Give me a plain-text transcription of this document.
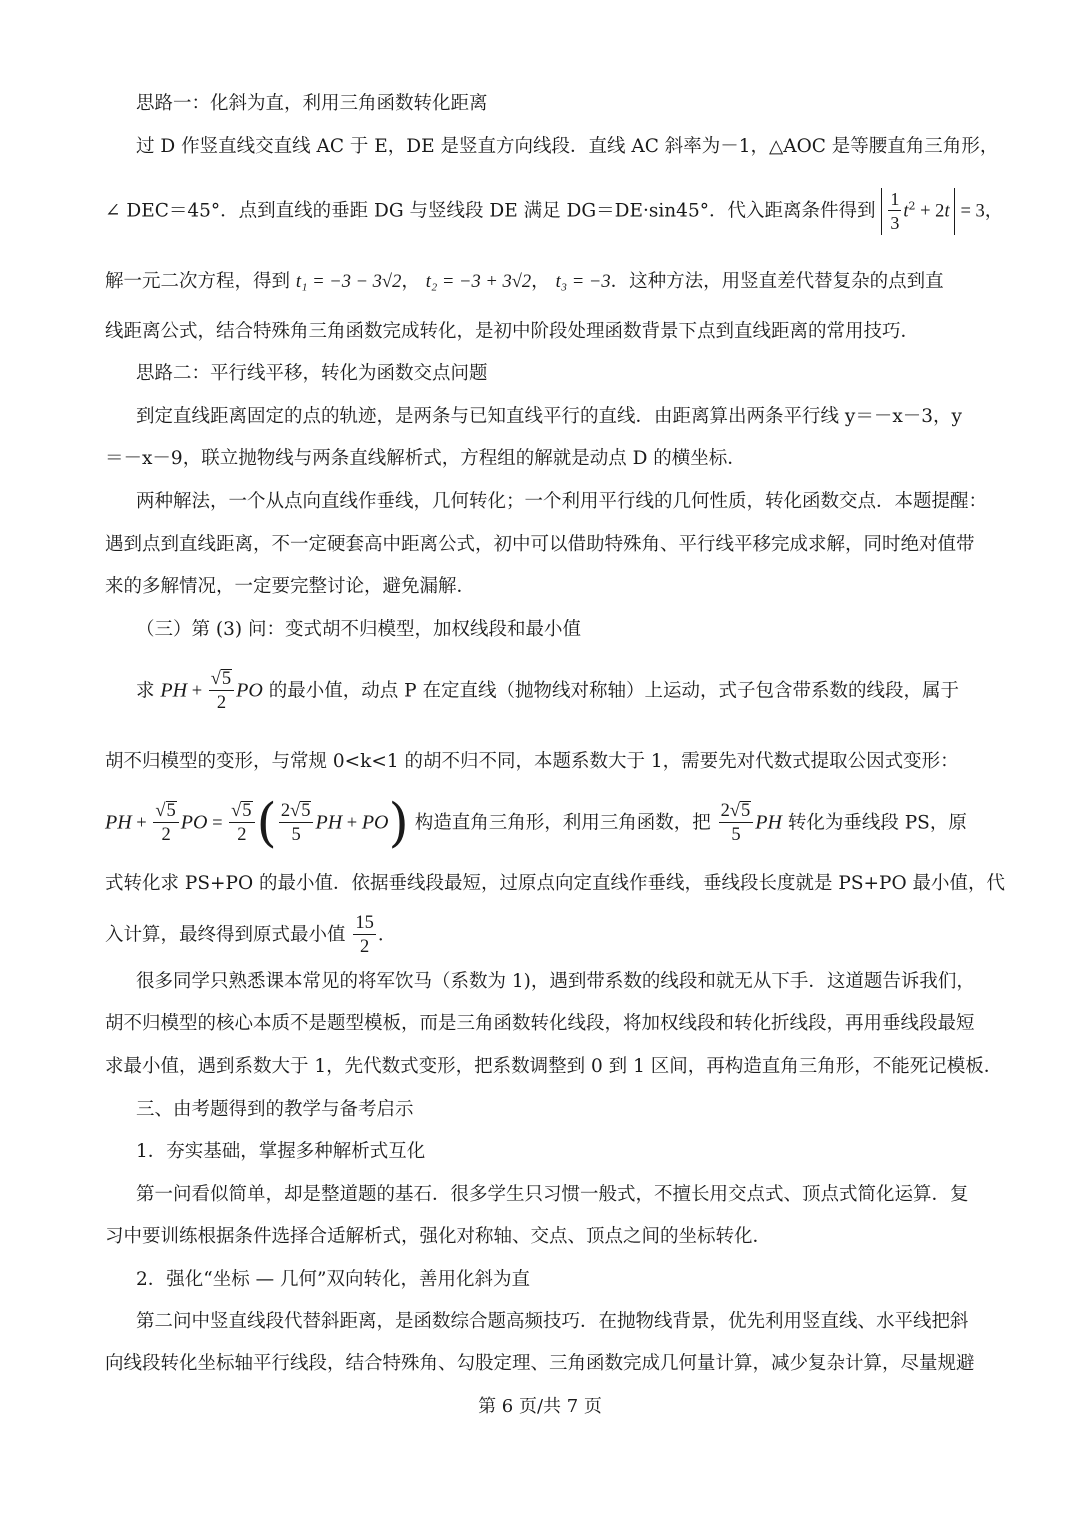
思路一：化斜为直，利用三角函数转化距离
过 D 作竖直线交直线 AC 于 E，DE 是竖直方向线段．直线 AC 斜率为－1，△AOC 是等腰直角三角形，
∠ DEC＝45°．点到直线的垂距 DG 与竖线段 DE 满足 DG＝DE·sin45°．代入距离条件得到 $\frac{1}{3} t^2 + 2t = 3$，
解一元二次方程，得到 t₁ = −3 − 3√2， t₂ = −3 + 3√2， t₃ = −3．这种方法，用竖直差代替复杂的点到直
线距离公式，结合特殊角三角函数完成转化，是初中阶段处理函数背景下点到直线距离的常用技巧．
思路二：平行线平移，转化为函数交点问题
到定直线距离固定的点的轨迹，是两条与已知直线平行的直线．由距离算出两条平行线 y＝－x－3，y
＝－x－9，联立抛物线与两条直线解析式，方程组的解就是动点 D 的横坐标．
两种解法，一个从点向直线作垂线，几何转化；一个利用平行线的几何性质，转化函数交点．本题提醒：
遇到点到直线距离，不一定硬套高中距离公式，初中可以借助特殊角、平行线平移完成求解，同时绝对值带
来的多解情况，一定要完整讨论，避免漏解．
（三）第 (3) 问：变式胡不归模型，加权线段和最小值
求 PH + $\frac{√5}{2}$ PO 的最小值，动点 P 在定直线（抛物线对称轴）上运动，式子包含带系数的线段，属于
胡不归模型的变形，与常规 0<k<1 的胡不归不同，本题系数大于 1，需要先对代数式提取公因式变形：
PH + $\frac{√5}{2}$ PO = $\frac{√5}{2}$ ( $\frac{2√5}{5}$ PH + PO) 构造直角三角形，利用三角函数，把 $\frac{2√5}{5}$ PH 转化为垂线段 PS，原
式转化求 PS+PO 的最小值．依据垂线段最短，过原点向定直线作垂线，垂线段长度就是 PS+PO 最小值，代
入计算，最终得到原式最小值 $\frac{15}{2}$ ．
很多同学只熟悉课本常见的将军饮马（系数为 1)，遇到带系数的线段和就无从下手．这道题告诉我们，
胡不归模型的核心本质不是题型模板，而是三角函数转化线段，将加权线段和转化折线段，再用垂线段最短
求最小值，遇到系数大于 1，先代数式变形，把系数调整到 0 到 1 区间，再构造直角三角形，不能死记模板．
三、由考题得到的教学与备考启示
1．夯实基础，掌握多种解析式互化
第一问看似简单，却是整道题的基石．很多学生只习惯一般式，不擅长用交点式、顶点式简化运算．复
习中要训练根据条件选择合适解析式，强化对称轴、交点、顶点之间的坐标转化．
2．强化“坐标 — 几何”双向转化，善用化斜为直
第二问中竖直线段代替斜距离，是函数综合题高频技巧．在抛物线背景，优先利用竖直线、水平线把斜
向线段转化坐标轴平行线段，结合特殊角、勾股定理、三角函数完成几何量计算，减少复杂计算，尽量规避
第 6 页/共 7 页
